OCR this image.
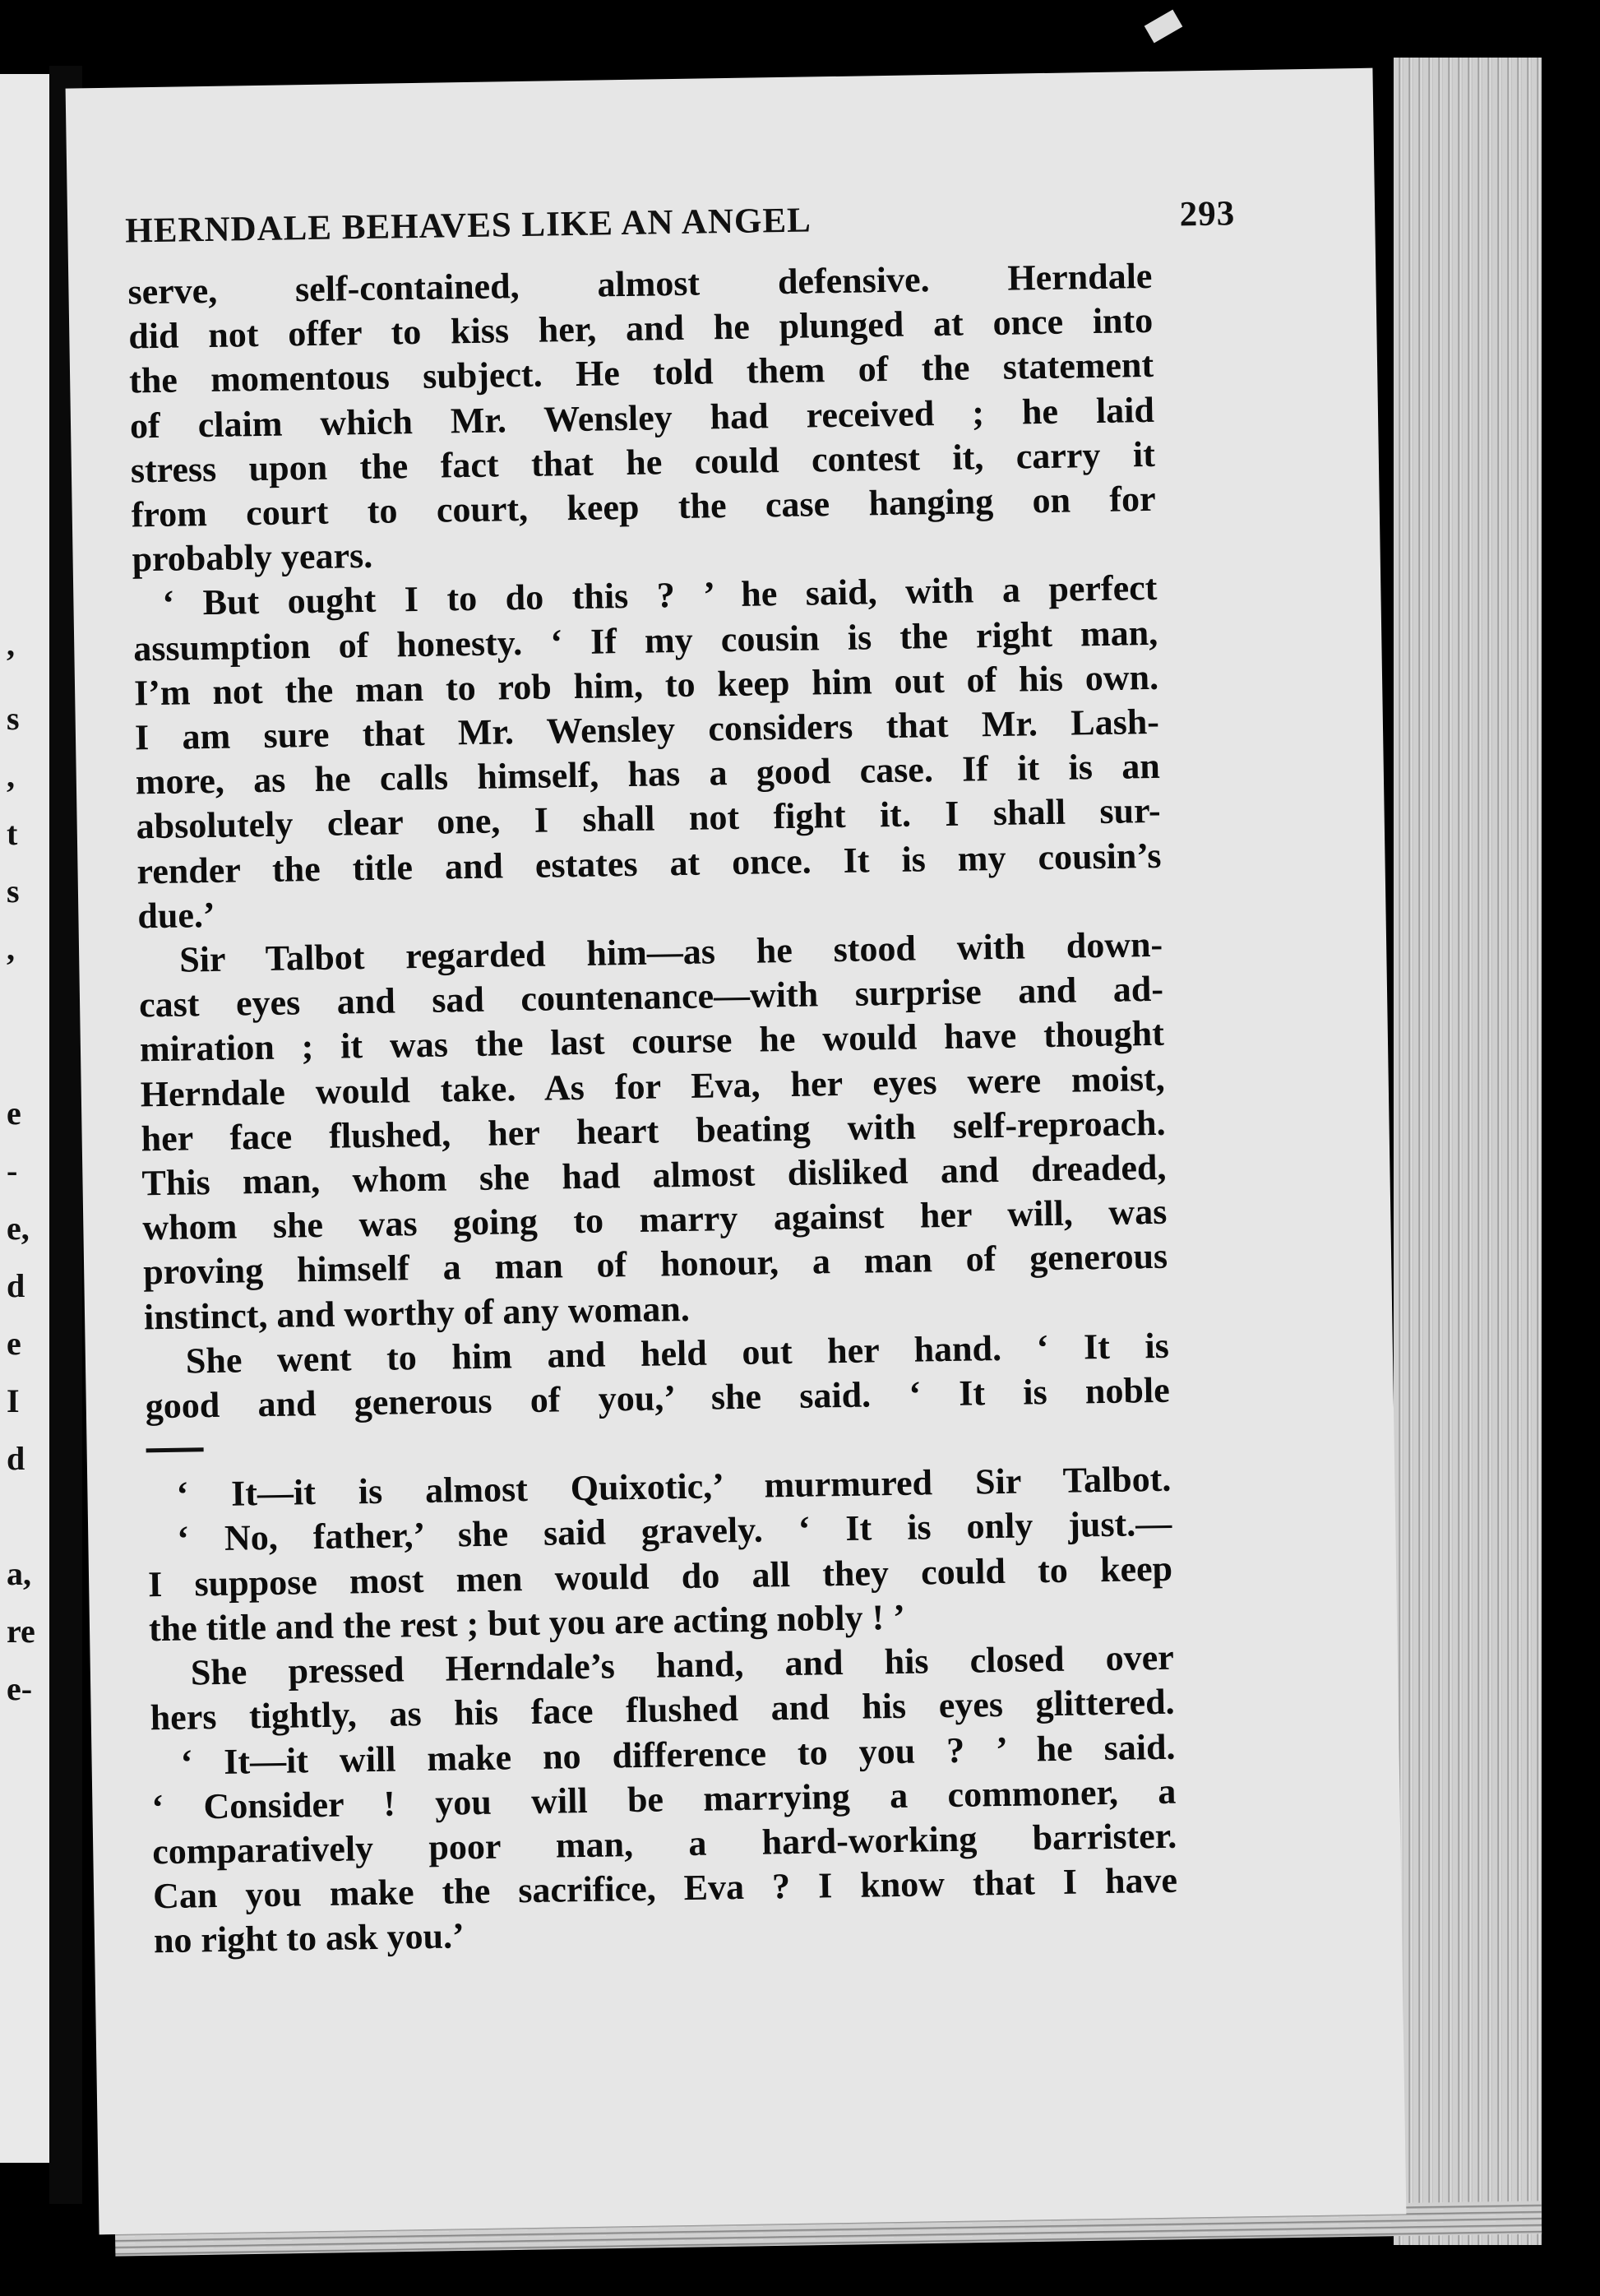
,
s
,
t
s
,
e
-
e,
d
e
I
d
a,
re
e-
HERNDALE BEHAVES LIKE AN ANGEL	293
serve, self-contained, almost defensive. Herndale
did not offer to kiss her, and he plunged at once into
the momentous subject. He told them of the statement
of claim which Mr. Wensley had received ; he laid
stress upon the fact that he could contest it, carry it
from court to court, keep the case hanging on for
probably years.
‘ But ought I to do this ? ’ he said, with a perfect
assumption of honesty. ‘ If my cousin is the right man,
I’m not the man to rob him, to keep him out of his own.
I am sure that Mr. Wensley considers that Mr. Lash-
more, as he calls himself, has a good case. If it is an
absolutely clear one, I shall not fight it. I shall sur-
render the title and estates at once. It is my cousin’s
due.’
Sir Talbot regarded him—as he stood with down-
cast eyes and sad countenance—with surprise and ad-
miration ; it was the last course he would have thought
Herndale would take. As for Eva, her eyes were moist,
her face flushed, her heart beating with self-reproach.
This man, whom she had almost disliked and dreaded,
whom she was going to marry against her will, was
proving himself a man of honour, a man of generous
instinct, and worthy of any woman.
She went to him and held out her hand. ‘ It is
good and generous of you,’ she said. ‘ It is noble
‘ It—it is almost Quixotic,’ murmured Sir Talbot.
‘ No, father,’ she said gravely. ‘ It is only just.—
I suppose most men would do all they could to keep
the title and the rest ; but you are acting nobly ! ’
She pressed Herndale’s hand, and his closed over
hers tightly, as his face flushed and his eyes glittered.
‘ It—it will make no difference to you ? ’ he said.
‘ Consider ! you will be marrying a commoner, a
comparatively poor man, a hard-working barrister.
Can you make the sacrifice, Eva ? I know that I have
no right to ask you.’
